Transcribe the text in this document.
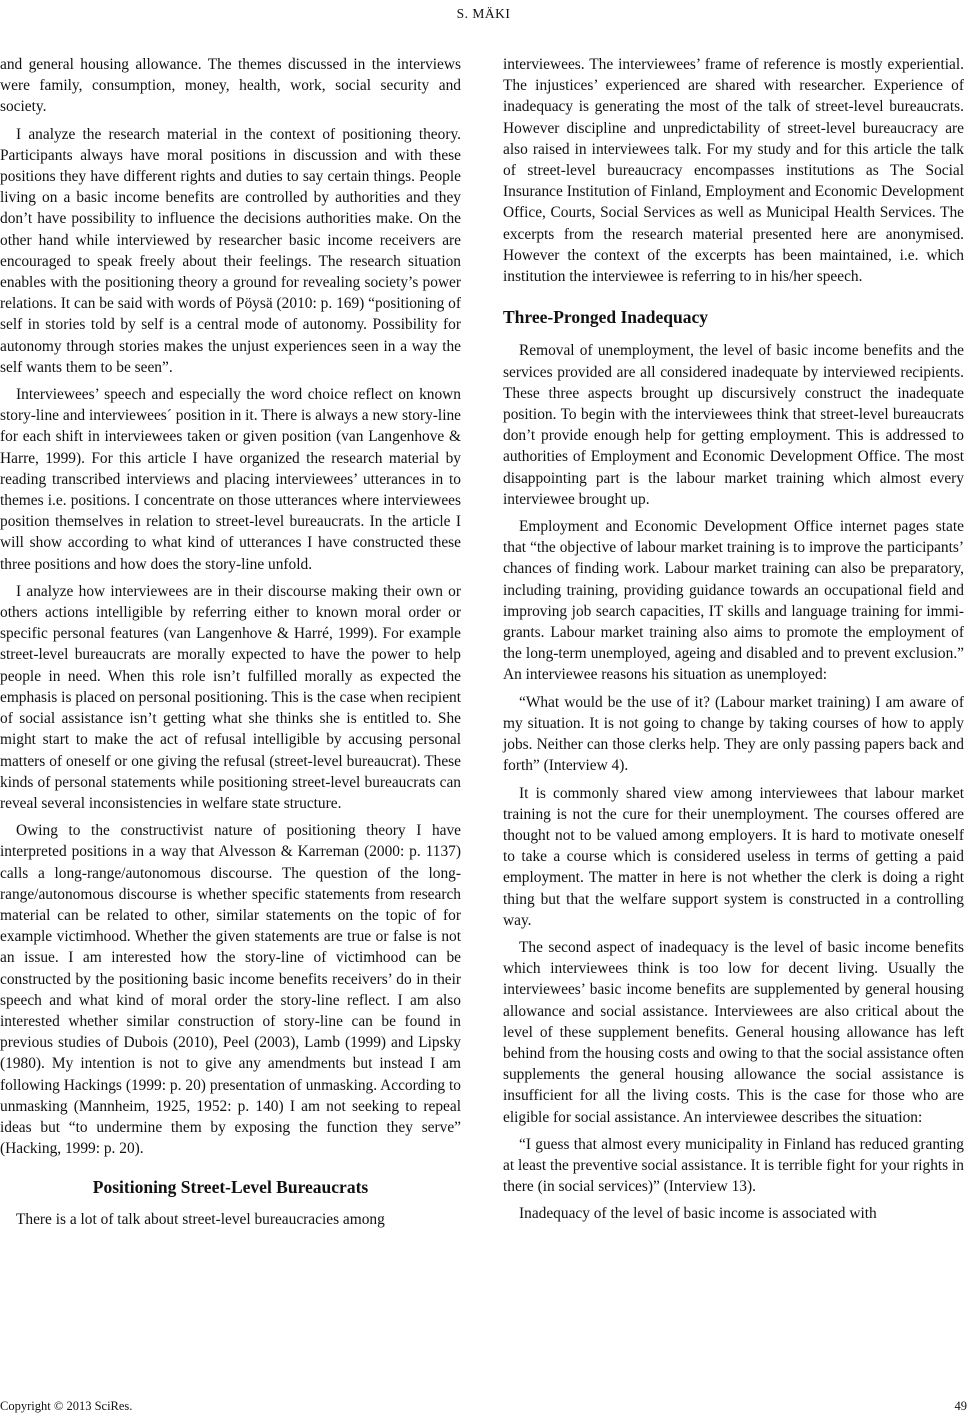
S. MÄKI

and general housing allowance. The themes discussed in the interviews were family, consumption, money, health, work, social security and society.

I analyze the research material in the context of positioning theory. Participants always have moral positions in discussion and with these positions they have different rights and duties to say certain things. People living on a basic income benefits are controlled by authorities and they don’t have possibility to influence the decisions authorities make. On the other hand while interviewed by researcher basic income receivers are encouraged to speak freely about their feelings. The research situation enables with the positioning theory a ground for revealing society’s power relations. It can be said with words of Pöysä (2010: p. 169) “positioning of self in stories told by self is a central mode of autonomy. Possibility for autonomy through stories makes the unjust experiences seen in a way the self wants them to be seen”.

Interviewees’ speech and especially the word choice reflect on known story-line and interviewees´ position in it. There is always a new story-line for each shift in interviewees taken or given position (van Langenhove & Harre, 1999). For this article I have organized the research material by reading transcribed interviews and placing interviewees’ utterances in to themes i.e. positions. I concentrate on those utterances where interviewees position themselves in relation to street-level bureaucrats. In the article I will show according to what kind of utterances I have constructed these three positions and how does the story-line unfold.

I analyze how interviewees are in their discourse making their own or others actions intelligible by referring either to known moral order or specific personal features (van Langenhove & Harré, 1999). For example street-level bureaucrats are morally expected to have the power to help people in need. When this role isn’t fulfilled morally as expected the emphasis is placed on personal positioning. This is the case when recipient of social assistance isn’t getting what she thinks she is entitled to. She might start to make the act of refusal intelligible by accusing personal matters of oneself or one giving the refusal (street-level bureaucrat). These kinds of personal statements while positioning street-level bureaucrats can reveal several inconsistencies in welfare state structure.

Owing to the constructivist nature of positioning theory I have interpreted positions in a way that Alvesson & Karreman (2000: p. 1137) calls a long-range/autonomous discourse. The question of the long-range/autonomous discourse is whether specific statements from research material can be related to other, similar statements on the topic of for example victimhood. Whether the given statements are true or false is not an issue. I am interested how the story-line of victimhood can be constructed by the positioning basic income benefits receivers’ do in their speech and what kind of moral order the story-line reflect. I am also interested whether similar construction of story-line can be found in previous studies of Dubois (2010), Peel (2003), Lamb (1999) and Lipsky (1980). My intention is not to give any amendments but instead I am following Hackings (1999: p. 20) presentation of unmasking. According to unmasking (Mannheim, 1925, 1952: p. 140) I am not seeking to repeal ideas but “to undermine them by exposing the function they serve” (Hacking, 1999: p. 20).

Positioning Street-Level Bureaucrats

There is a lot of talk about street-level bureaucracies among

interviewees. The interviewees’ frame of reference is mostly experiential. The injustices’ experienced are shared with researcher. Experience of inadequacy is generating the most of the talk of street-level bureaucrats. However discipline and unpredictability of street-level bureaucracy are also raised in interviewees talk. For my study and for this article the talk of street-level bureaucracy encompasses institutions as The Social Insurance Institution of Finland, Employment and Economic Development Office, Courts, Social Services as well as Municipal Health Services. The excerpts from the research material presented here are anonymised. However the context of the excerpts has been maintained, i.e. which institution the interviewee is referring to in his/her speech.

Three-Pronged Inadequacy

Removal of unemployment, the level of basic income benefits and the services provided are all considered inadequate by interviewed recipients. These three aspects brought up discursively construct the inadequate position. To begin with the interviewees think that street-level bureaucrats don’t provide enough help for getting employment. This is addressed to authorities of Employment and Economic Development Office. The most disappointing part is the labour market training which almost every interviewee brought up.

Employment and Economic Development Office internet pages state that “the objective of labour market training is to improve the participants’ chances of finding work. Labour market training can also be preparatory, including training, providing guidance towards an occupational field and improving job search capacities, IT skills and language training for immigrants. Labour market training also aims to promote the employment of the long-term unemployed, ageing and disabled and to prevent exclusion.” An interviewee reasons his situation as unemployed:

“What would be the use of it? (Labour market training) I am aware of my situation. It is not going to change by taking courses of how to apply jobs. Neither can those clerks help. They are only passing papers back and forth” (Interview 4).

It is commonly shared view among interviewees that labour market training is not the cure for their unemployment. The courses offered are thought not to be valued among employers. It is hard to motivate oneself to take a course which is considered useless in terms of getting a paid employment. The matter in here is not whether the clerk is doing a right thing but that the welfare support system is constructed in a controlling way.

The second aspect of inadequacy is the level of basic income benefits which interviewees think is too low for decent living. Usually the interviewees’ basic income benefits are supplemented by general housing allowance and social assistance. Interviewees are also critical about the level of these supplement benefits. General housing allowance has left behind from the housing costs and owing to that the social assistance often supplements the general housing allowance the social assistance is insufficient for all the living costs. This is the case for those who are eligible for social assistance. An interviewee describes the situation:

“I guess that almost every municipality in Finland has reduced granting at least the preventive social assistance. It is terrible fight for your rights in there (in social services)” (Interview 13).

Inadequacy of the level of basic income is associated with

Copyright © 2013 SciRes.	49
